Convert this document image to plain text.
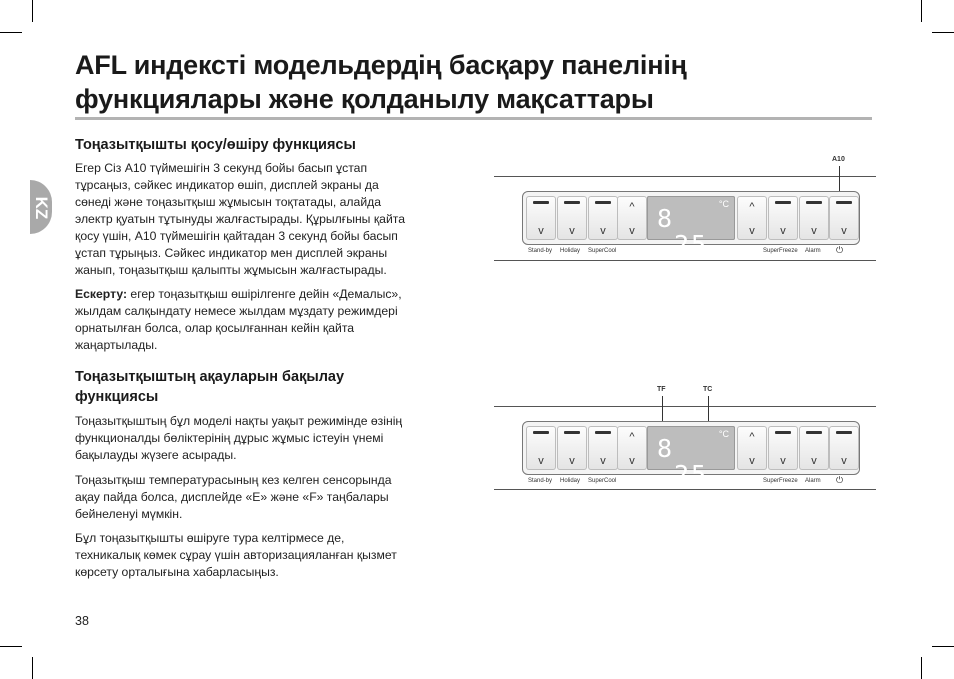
AFL индексті модельдердің басқару панелінің
функциялары және қолданылу мақсаттары
KZ
Тоңазытқышты қосу/өшіру функциясы
Егер Сіз А10 түймешігін 3 секунд бойы басып ұстап
тұрсаңыз, сәйкес индикатор өшіп, дисплей экраны да
сөнеді және тоңазытқыш жұмысын тоқтатады, алайда
электр қуатын тұтынуды жалғастырады. Құрылғыны қайта
қосу үшін, А10 түймешігін қайтадан 3 секунд бойы басып
ұстап тұрыңыз. Сәйкес индикатор мен дисплей экраны
жанып, тоңазытқыш қалыпты жұмысын жалғастырады.
Ескерту: егер тоңазытқыш өшірілгенге дейін «Демалыс»,
жылдам салқындату немесе жылдам мұздату режимдері
орнатылған болса, олар қосылғаннан кейін қайта
жаңартылады.
Тоңазытқыштың ақауларын бақылау
функциясы
Тоңазытқыштың бұл моделі нақты уақыт режимінде өзінің
функционалды бөліктерінің дұрыс жұмыс істеуін үнемі
бақылауды жүзеге асырады.
Тоңазытқыш температурасының кез келген сенсорында
ақау пайда болса, дисплейде «Е» және «F» таңбалары
бейнеленуі мүмкін.
Бұл тоңазытқышты өшіруге тура келтірмесе де,
техникалық көмек сұрау үшін авторизацияланған қызмет
көрсету орталығына хабарласыңыз.
38
A10
v	v	v
^
v 8 -25
°C	^
v	v	v	v
Stand-by Holiday SuperCool	SuperFreeze Alarm ⏻
TF	TC
v	v	v
^
v 8 -25
°C	^
v	v	v	v
Stand-by Holiday SuperCool	SuperFreeze Alarm ⏻
